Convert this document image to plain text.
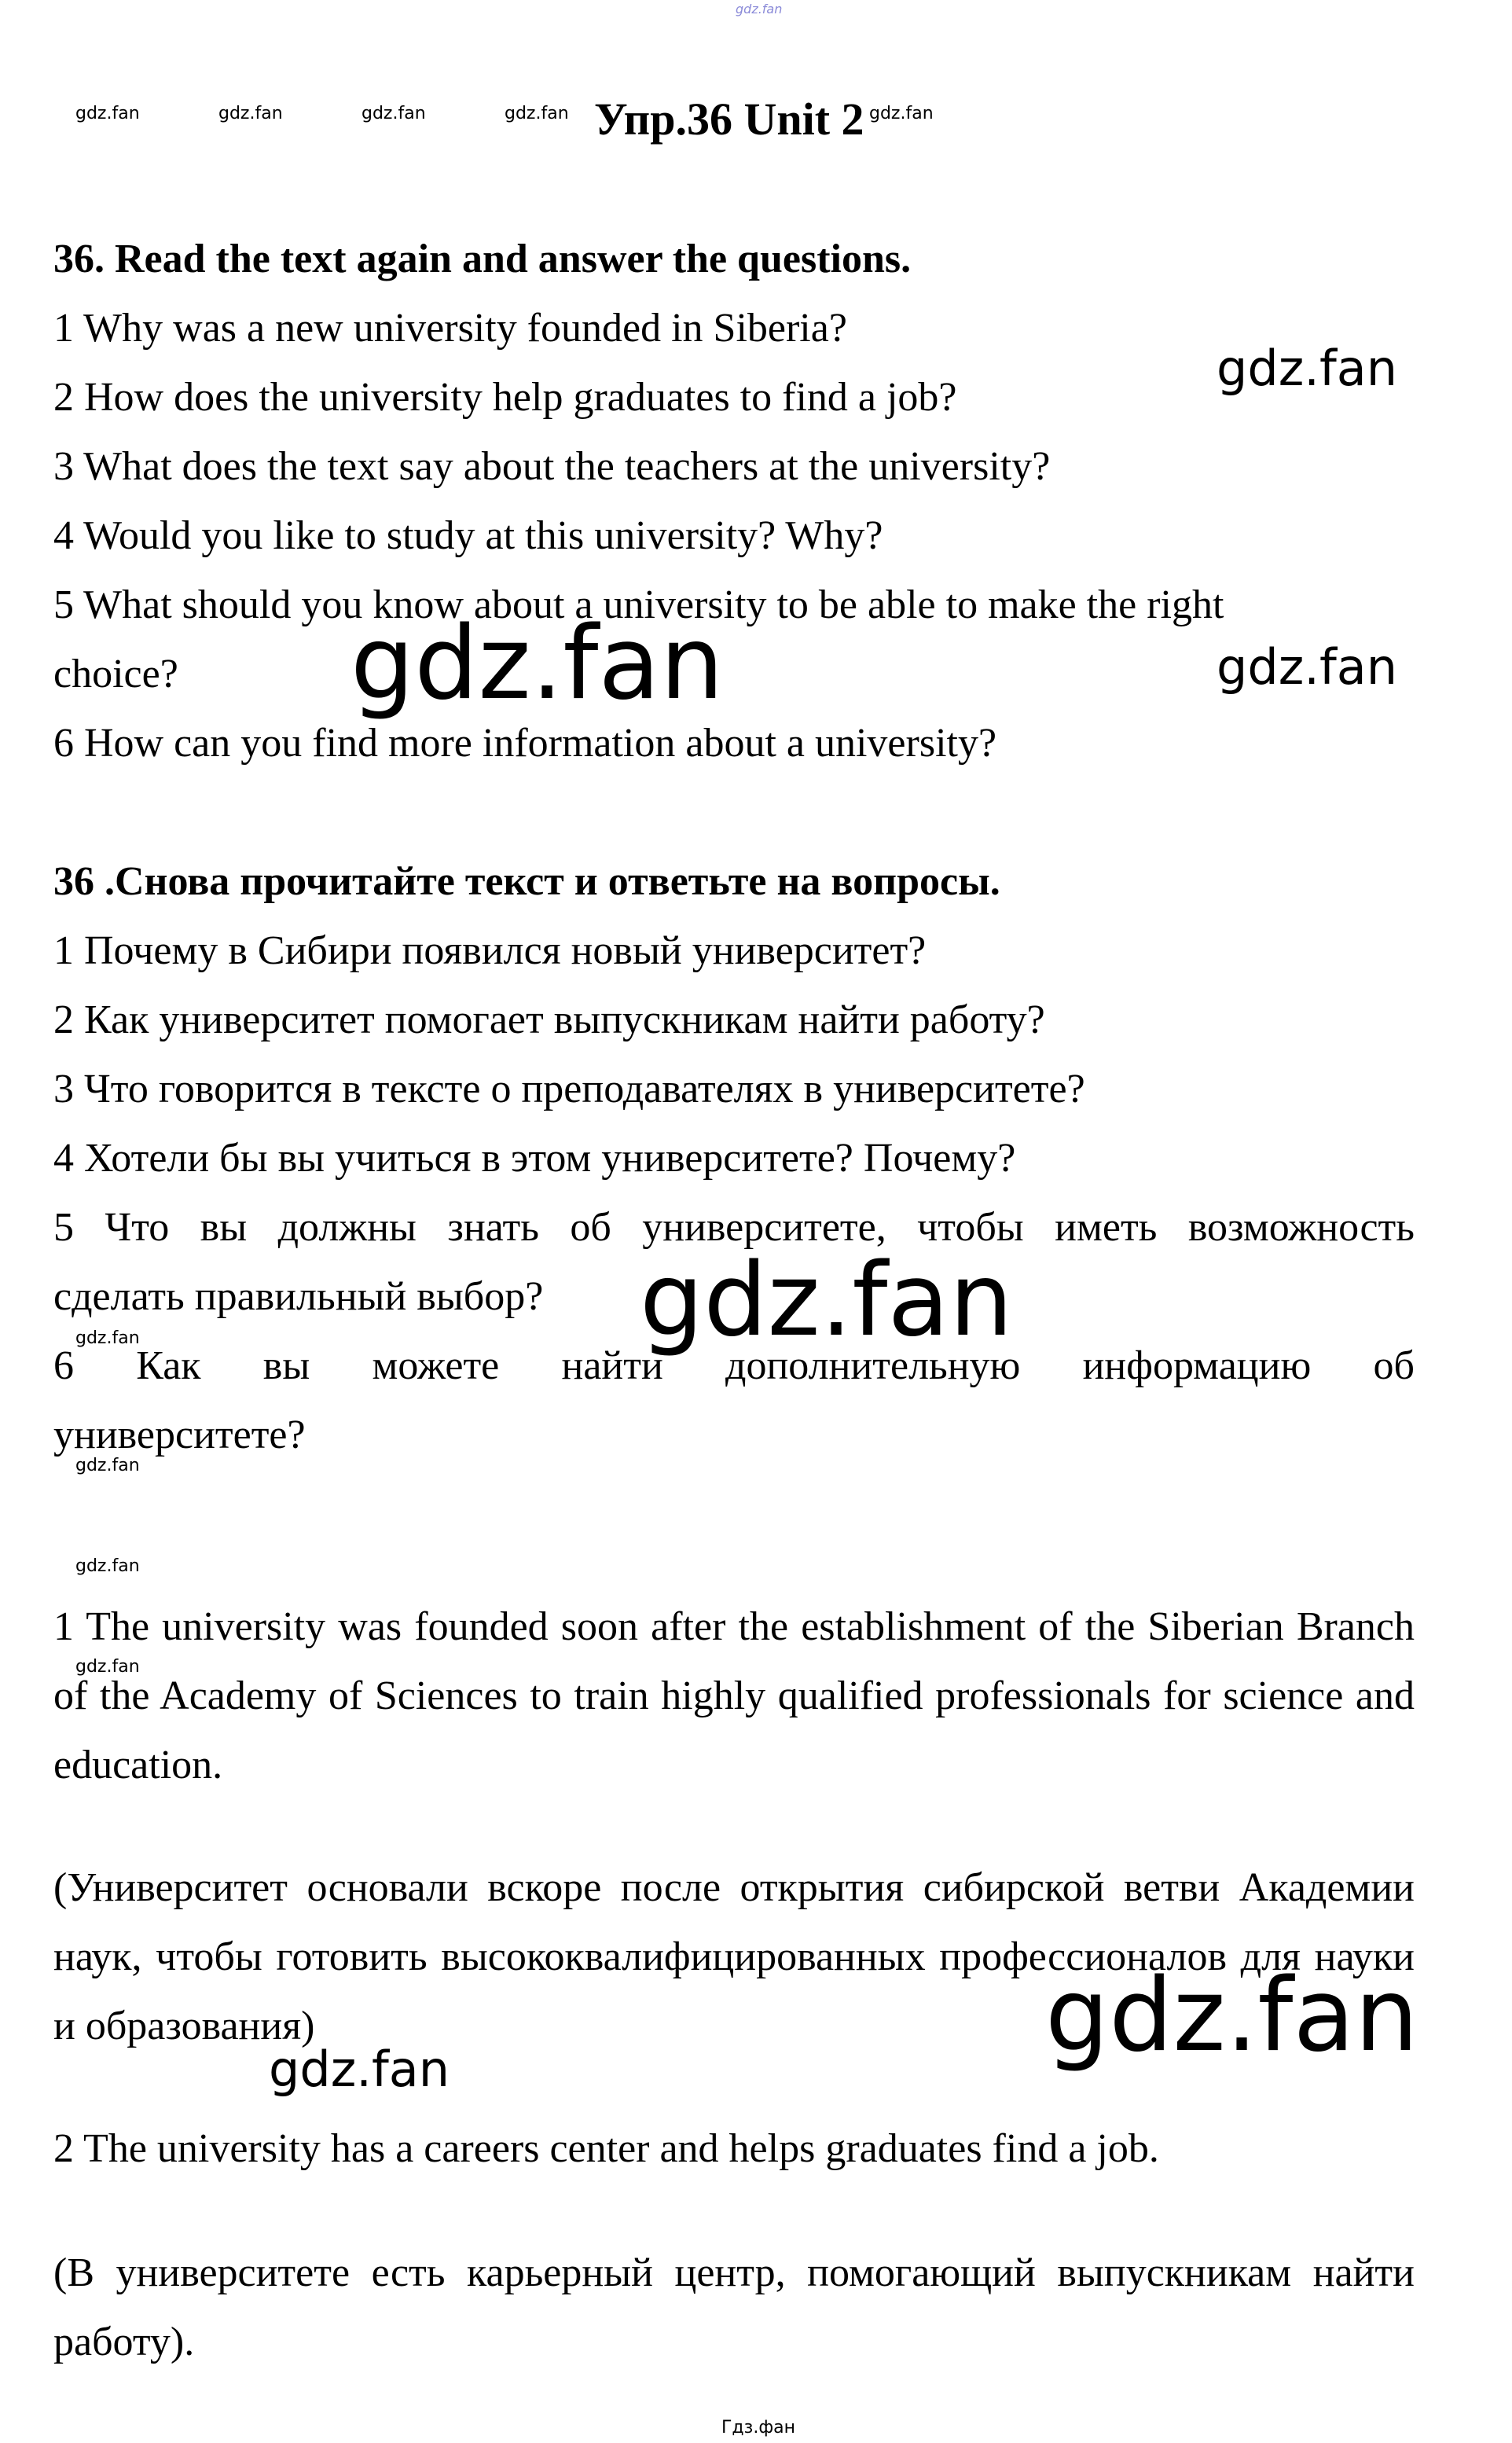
gdz.fan
gdz.fan	gdz.fan	gdz.fan	gdz.fan Упр.36 Unit 2 gdz.fan
36. Read the text again and answer the questions.
1 Why was a new university founded in Siberia?
2 How does the university help graduates to find a job?
3 What does the text say about the teachers at the university?
4 Would you like to study at this university? Why?
5 What should you know about a university to be able to make the right
choice?
6 How can you find more information about a university?
gdz.fan
gdz.fan	gdz.fan
36 .Снова прочитайте текст и ответьте на вопросы.
1 Почему в Сибири появился новый университет?
2 Как университет помогает выпускникам найти работу?
3 Что говорится в тексте о преподавателях в университете?
4 Хотели бы вы учиться в этом университете? Почему?
5 Что вы должны знать об университете, чтобы иметь возможность
сделать правильный выбор?
6 Как вы можете найти дополнительную информацию об
университете?
gdz.fan
gdz.fan
gdz.fan
gdz.fan
gdz.fan
1 The university was founded soon after the establishment of the Siberian Branch of the Academy of Sciences to train highly qualified professionals for science and education.
(Университет основали вскоре после открытия сибирской ветви Академии наук, чтобы готовить высококвалифицированных профессионалов для науки и образования)	gdz.fan
gdz.fan
2 The university has a careers center and helps graduates find a job.
(В университете есть карьерный центр, помогающий выпускникам найти работу).
Гдз.фан
